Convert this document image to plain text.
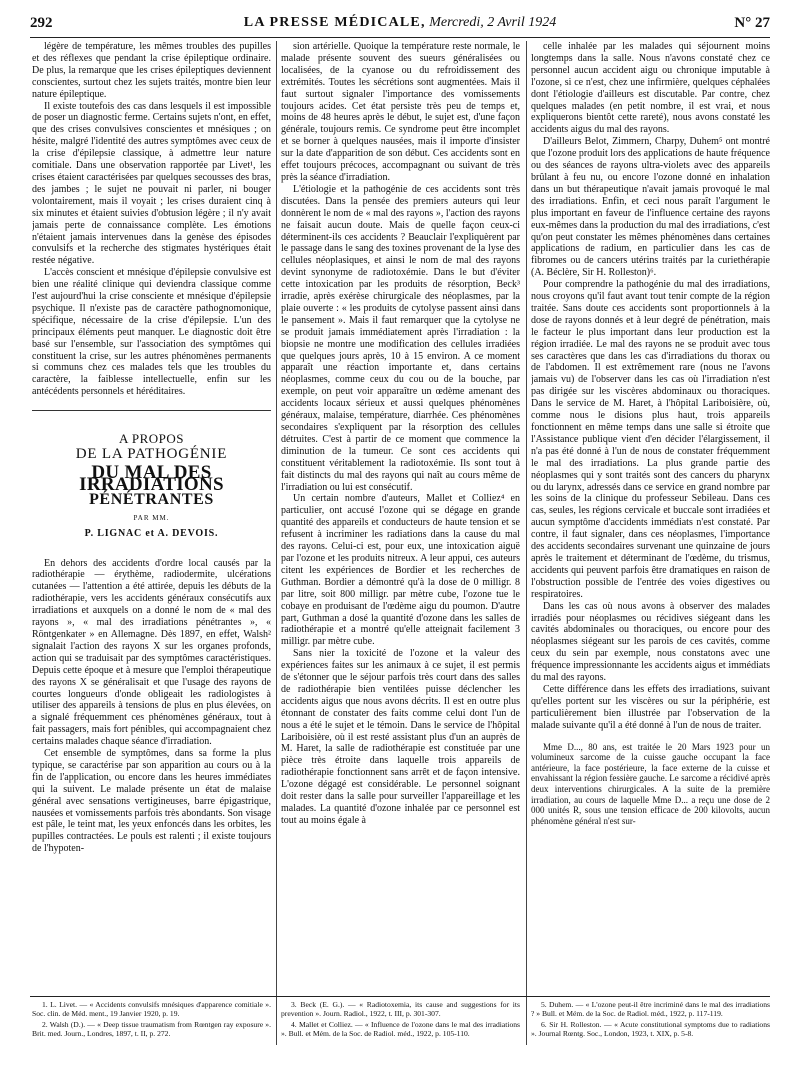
292	LA PRESSE MÉDICALE, Mercredi, 2 Avril 1924	N° 27

légère de température, les mêmes troubles des pupilles et des réflexes que pendant la crise épileptique ordinaire. De plus, la remarque que les crises épileptiques deviennent conscientes, surtout chez les sujets traités, montre bien leur nature épileptique.

Il existe toutefois des cas dans lesquels il est impossible de poser un diagnostic ferme. Certains sujets n'ont, en effet, que des crises convulsives conscientes et mnésiques ; on hésite, malgré l'identité des autres symptômes avec ceux de la crise d'épilepsie classique, à admettre leur nature comitiale. Dans une observation rapportée par Livet¹, les crises étaient caractérisées par quelques secousses des bras, des jambes ; le sujet ne pouvait ni parler, ni bouger volontairement, mais il voyait ; les crises duraient cinq à six minutes et étaient suivies d'obtusion légère ; il n'y avait jamais perte de connaissance complète. Les émotions n'étaient jamais intervenues dans la genèse des épisodes convulsifs et la recherche des stigmates hystériques était restée négative.

L'accès conscient et mnésique d'épilepsie convulsive est bien une réalité clinique qui deviendra classique comme l'est aujourd'hui la crise consciente et mnésique d'épilepsie psychique. Il n'existe pas de caractère pathognomonique, spécifique, nécessaire de la crise d'épilepsie. L'un des principaux éléments peut manquer. Le diagnostic doit être basé sur l'ensemble, sur l'association des symptômes qui constituent la crise, sur les autres phénomènes permanents si communs chez ces malades tels que les troubles du caractère, la faiblesse intellectuelle, enfin sur les antécédents personnels et héréditaires.

A PROPOS
DE LA PATHOGÉNIE
DU MAL DES IRRADIATIONS
PÉNÉTRANTES
PAR MM.
P. LIGNAC et A. DEVOIS.

En dehors des accidents d'ordre local causés par la radiothérapie — érythème, radiodermite, ulcérations cutanées — l'attention a été attirée, depuis les débuts de la radiothérapie, vers les accidents généraux consécutifs aux irradiations et auxquels on a donné le nom de « mal des rayons », « mal des irradiations pénétrantes », « Röntgenkater » en Allemagne. Dès 1897, en effet, Walsh² signalait l'action des rayons X sur les organes profonds, action qui se traduisait par des symptômes caractéristiques. Depuis cette époque et à mesure que l'emploi thérapeutique des rayons X se généralisait et que l'usage des rayons de courtes longueurs d'onde obligeait les radiologistes à utiliser des appareils à tensions de plus en plus élevées, on a signalé fréquemment ces phénomènes généraux, tout à fait passagers, mais fort pénibles, qui accompagnaient chez certains malades chaque séance d'irradiation.

Cet ensemble de symptômes, dans sa forme la plus typique, se caractérise par son apparition au cours ou à la fin de l'application, ou encore dans les heures immédiates qui la suivent. Le malade présente un état de malaise général avec sensations vertigineuses, barre épigastrique, nausées et vomissements parfois très abondants. Son visage est pâle, le teint mat, les yeux enfoncés dans les orbites, les pupilles contractées. Le pouls est ralenti ; il existe toujours de l'hypoten-

sion artérielle. Quoique la température reste normale, le malade présente souvent des sueurs généralisées ou localisées, de la cyanose ou du refroidissement des extrémités. Toutes les sécrétions sont augmentées. Mais il faut surtout signaler l'importance des vomissements toujours acides. Cet état persiste très peu de temps et, moins de 48 heures après le début, le sujet est, d'une façon générale, toujours remis. Ce syndrome peut être incomplet et se borner à quelques nausées, mais il importe d'insister sur la date d'apparition de son début. Ces accidents sont en effet toujours précoces, accompagnant ou suivant de très près la séance d'irradiation.

L'étiologie et la pathogénie de ces accidents sont très discutées. Dans la pensée des premiers auteurs qui leur donnèrent le nom de « mal des rayons », l'action des rayons ne faisait aucun doute. Mais de quelle façon ceux-ci déterminent-ils ces accidents ? Beauclair l'expliquèrent par le passage dans le sang des toxines provenant de la lyse des cellules néoplasiques, et ainsi le nom de mal des rayons devint synonyme de radiotoxémie. Dans le but d'éviter cette intoxication par les produits de résorption, Beck³ irradie, après exérèse chirurgicale des néoplasmes, par la plaie ouverte : « les produits de cytolyse passent ainsi dans le pansement ». Mais il faut remarquer que la cytolyse ne se produit jamais immédiatement après l'irradiation : la biopsie ne montre une modification des cellules irradiées que quelques jours après, 10 à 15 environ. A ce moment apparaît une réaction importante et, dans certains néoplasmes, comme ceux du cou ou de la bouche, par exemple, on peut voir apparaître un œdème amenant des accidents locaux sérieux et aussi quelques phénomènes généraux, malaise, température, diarrhée. Ces phénomènes secondaires s'expliquent par la résorption des cellules détruites. C'est à partir de ce moment que commence la diminution de la tumeur. Ce sont ces accidents qui constituent véritablement la radiotoxémie. Ils sont tout à fait distincts du mal des rayons qui naît au cours même de l'irradiation ou lui est consécutif.

Un certain nombre d'auteurs, Mallet et Colliez⁴ en particulier, ont accusé l'ozone qui se dégage en grande quantité des appareils et conducteurs de haute tension et se refusent à incriminer les radiations dans la cause du mal des rayons. Celui-ci est, pour eux, une intoxication aiguë par l'ozone et les produits nitreux. A leur appui, ces auteurs citent les expériences de Bordier et les recherches de Guthman. Bordier a démontré qu'à la dose de 0 milligr. 8 par litre, soit 800 milligr. par mètre cube, l'ozone tue le cobaye en produisant de l'œdème aigu du poumon. D'autre part, Guthman a dosé la quantité d'ozone dans les salles de radiothérapie et a montré qu'elle atteignait facilement 3 milligr. par mètre cube.

Sans nier la toxicité de l'ozone et la valeur des expériences faites sur les animaux à ce sujet, il est permis de s'étonner que le séjour parfois très court dans des salles de radiothérapie bien ventilées puisse déclencher les accidents aigus que nous avons décrits. Il est en outre plus étonnant de constater des faits comme celui dont l'un de nous a été le sujet et le témoin. Dans le service de l'hôpital Lariboisière, où il est resté assistant plus d'un an auprès de M. Haret, la salle de radiothérapie est constituée par une pièce très étroite dans laquelle trois appareils de radiothérapie fonctionnent sans arrêt et de façon intensive. L'ozone dégagé est considérable. Le personnel soignant doit rester dans la salle pour surveiller l'appareillage et les malades. La quantité d'ozone inhalée par ce personnel est tout au moins égale à

celle inhalée par les malades qui séjournent moins longtemps dans la salle. Nous n'avons constaté chez ce personnel aucun accident aigu ou chronique imputable à l'ozone, si ce n'est, chez une infirmière, quelques céphalées dont l'étiologie d'ailleurs est discutable. Par contre, chez quelques malades (en petit nombre, il est vrai, et nous expliquerons bientôt cette rareté), nous avons constaté les accidents aigus du mal des rayons.

D'ailleurs Belot, Zimmern, Charpy, Duhem⁵ ont montré que l'ozone produit lors des applications de haute fréquence ou des séances de rayons ultra-violets avec des appareils brûlant à feu nu, ou encore l'ozone donné en inhalation dans un but thérapeutique n'avait jamais provoqué le mal des irradiations. Enfin, et ceci nous paraît l'argument le plus important en faveur de l'influence certaine des rayons eux-mêmes dans la production du mal des irradiations, c'est qu'on peut constater les mêmes phénomènes dans certaines applications de radium, en particulier dans les cas de fibromes ou de cancers utérins traités par la curiethérapie (A. Béclère, Sir H. Rolleston)⁶.

Pour comprendre la pathogénie du mal des irradiations, nous croyons qu'il faut avant tout tenir compte de la région traitée. Sans doute ces accidents sont proportionnels à la dose de rayons donnés et à leur degré de pénétration, mais le facteur le plus important dans leur production est la région irradiée. Le mal des rayons ne se produit avec tous ses caractères que dans les cas d'irradiations du thorax ou de l'abdomen. Il est extrêmement rare (nous ne l'avons jamais vu) de l'observer dans les cas où l'irradiation n'est pas dirigée sur les viscères abdominaux ou thoraciques. Dans le service de M. Haret, à l'hôpital Lariboisière, où, comme nous le disions plus haut, trois appareils fonctionnent en même temps dans une salle si étroite que l'Assistance publique vient d'en décider l'élargissement, il n'a pas été donné à l'un de nous de constater fréquemment le mal des irradiations. La plus grande partie des néoplasmes qui y sont traités sont des cancers du pharynx ou du larynx, adressés dans ce service en grand nombre par les soins de la clinique du professeur Sebileau. Dans ces cas, seules, les régions cervicale et buccale sont irradiées et aucun symptôme d'accidents immédiats n'est constaté. Par contre, il faut signaler, dans ces néoplasmes, l'importance des accidents secondaires survenant une quinzaine de jours après le traitement et déterminant de l'œdème, du trismus, accidents qui peuvent parfois être dramatiques en raison de l'obstruction possible de l'entrée des voies digestives ou respiratoires.

Dans les cas où nous avons à observer des malades irradiés pour néoplasmes ou récidives siégeant dans les cavités abdominales ou thoraciques, ou encore pour des néoplasmes siégeant sur les parois de ces cavités, comme ceux du sein par exemple, nous constatons avec une fréquence impressionnante les accidents aigus et immédiats du mal des rayons.

Cette différence dans les effets des irradiations, suivant qu'elles portent sur les viscères ou sur la périphérie, est particulièrement bien illustrée par l'observation de la malade suivante qu'il a été donné à l'un de nous de traiter.

Mme D..., 80 ans, est traitée le 20 Mars 1923 pour un volumineux sarcome de la cuisse gauche occupant la face antérieure, la face postérieure, la face externe de la cuisse et envahissant la région fessière gauche. Le sarcome a récidivé après deux interventions chirurgicales. A la suite de la première irradiation, au cours de laquelle Mme D... a reçu une dose de 2 000 unités R, sous une tension efficace de 200 kilovolts, aucun phénomène général n'est sur-

1. L. Livet. — « Accidents convulsifs mnésiques d'apparence comitiale ». Soc. clin. de Méd. ment., 19 Janvier 1920, p. 19.

2. Walsh (D.). — « Deep tissue traumatism from Rœntgen ray exposure ». Brit. med. Journ., Londres, 1897, t. II, p. 272.

3. Beck (E. G.). — « Radiotoxemia, its cause and suggestions for its prevention ». Journ. Radiol., 1922, t. III, p. 301-307.

4. Mallet et Colliez. — « Influence de l'ozone dans le mal des irradiations ». Bull. et Mém. de la Soc. de Radiol. méd., 1922, p. 105-110.

5. Duhem. — « L'ozone peut-il être incriminé dans le mal des irradiations ? » Bull. et Mém. de la Soc. de Radiol. méd., 1922, p. 117-119.

6. Sir H. Rolleston. — « Acute constitutional symptoms due to radiations ». Journal Rœntg. Soc., London, 1923, t. XIX, p. 5-8.
